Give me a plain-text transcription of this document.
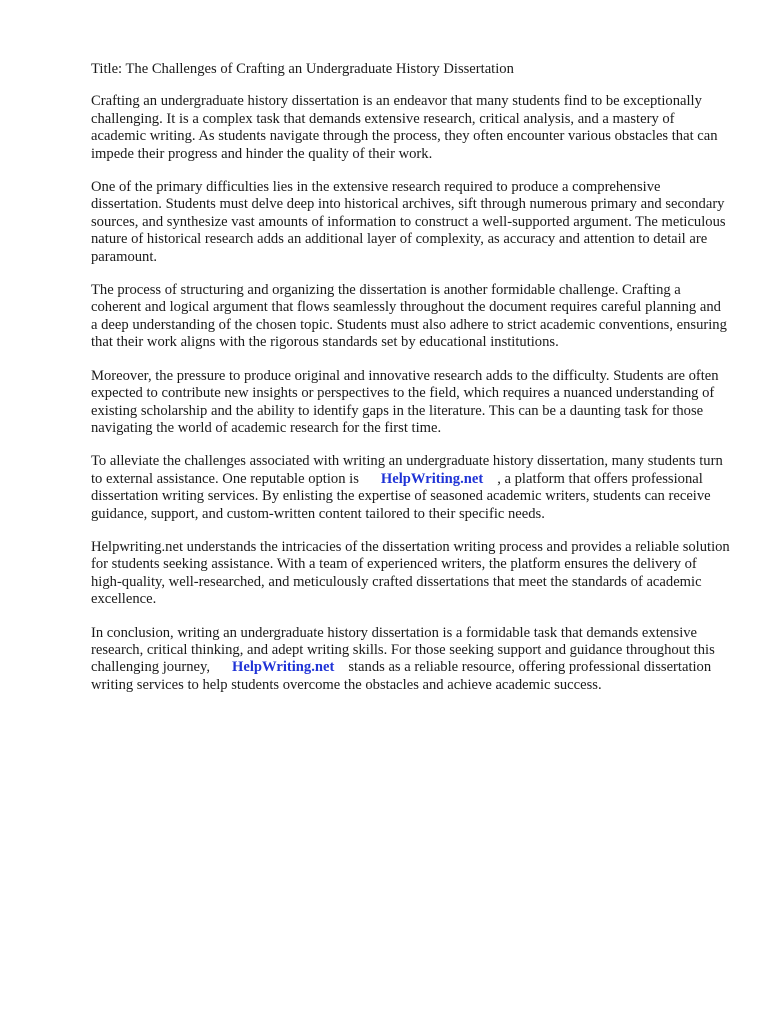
Title: The Challenges of Crafting an Undergraduate History Dissertation

Crafting an undergraduate history dissertation is an endeavor that many students find to be exceptionally challenging. It is a complex task that demands extensive research, critical analysis, and a mastery of academic writing. As students navigate through the process, they often encounter various obstacles that can impede their progress and hinder the quality of their work.

One of the primary difficulties lies in the extensive research required to produce a comprehensive dissertation. Students must delve deep into historical archives, sift through numerous primary and secondary sources, and synthesize vast amounts of information to construct a well-supported argument. The meticulous nature of historical research adds an additional layer of complexity, as accuracy and attention to detail are paramount.

The process of structuring and organizing the dissertation is another formidable challenge. Crafting a coherent and logical argument that flows seamlessly throughout the document requires careful planning and a deep understanding of the chosen topic. Students must also adhere to strict academic conventions, ensuring that their work aligns with the rigorous standards set by educational institutions.

Moreover, the pressure to produce original and innovative research adds to the difficulty. Students are often expected to contribute new insights or perspectives to the field, which requires a nuanced understanding of existing scholarship and the ability to identify gaps in the literature. This can be a daunting task for those navigating the world of academic research for the first time.

To alleviate the challenges associated with writing an undergraduate history dissertation, many students turn to external assistance. One reputable option is HelpWriting.net , a platform that offers professional dissertation writing services. By enlisting the expertise of seasoned academic writers, students can receive guidance, support, and custom-written content tailored to their specific needs.

Helpwriting.net understands the intricacies of the dissertation writing process and provides a reliable solution for students seeking assistance. With a team of experienced writers, the platform ensures the delivery of high-quality, well-researched, and meticulously crafted dissertations that meet the standards of academic excellence.

In conclusion, writing an undergraduate history dissertation is a formidable task that demands extensive research, critical thinking, and adept writing skills. For those seeking support and guidance throughout this challenging journey, HelpWriting.net stands as a reliable resource, offering professional dissertation writing services to help students overcome the obstacles and achieve academic success.
